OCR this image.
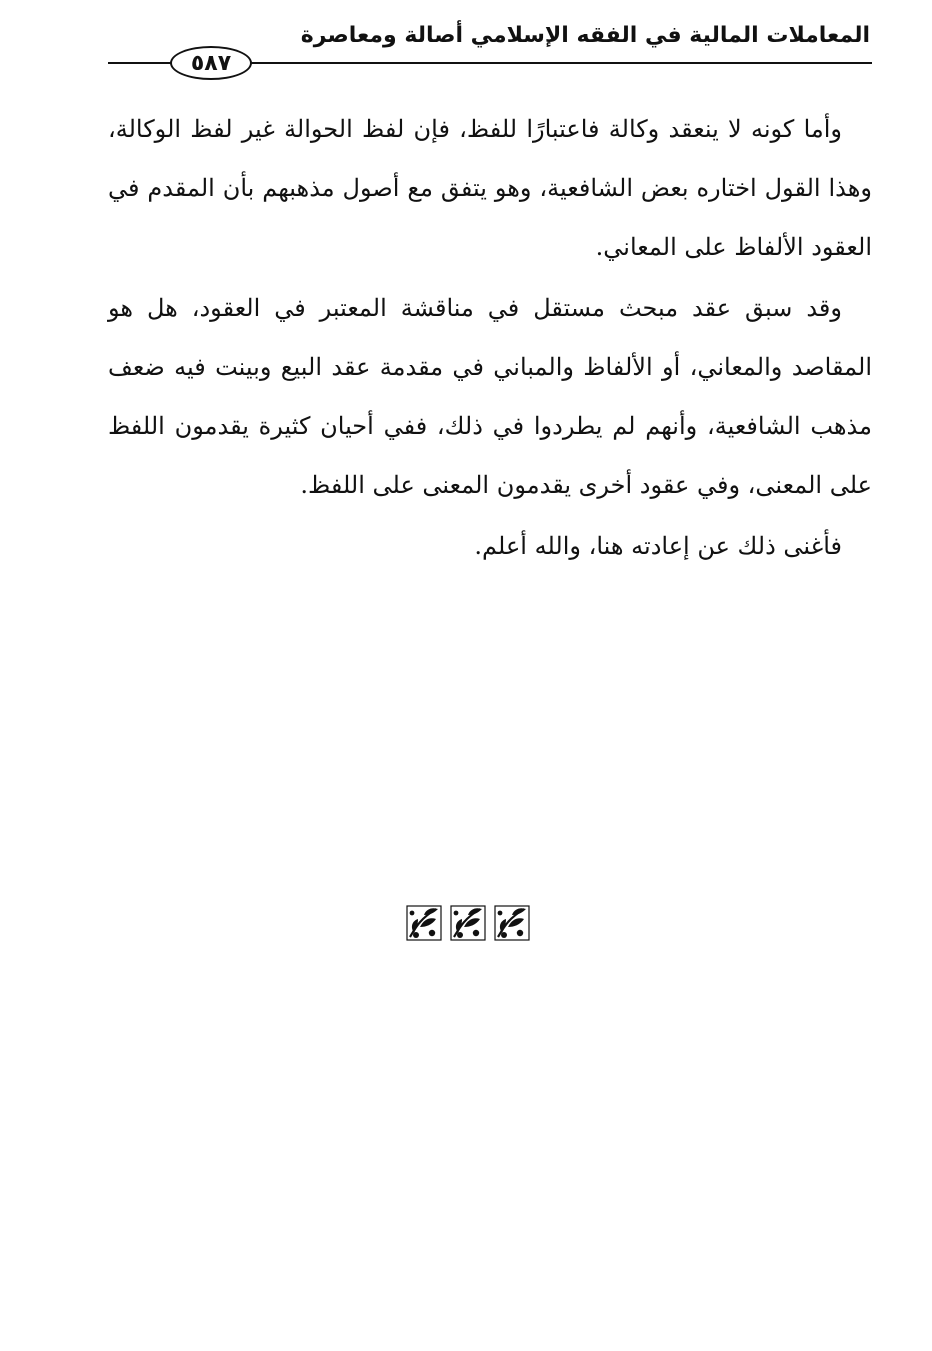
المعاملات المالية في الفقه الإسلامي أصالة ومعاصرة
٥٨٧

وأما كونه لا ينعقد وكالة فاعتبارًا للفظ، فإن لفظ الحوالة غير لفظ الوكالة، وهذا القول اختاره بعض الشافعية، وهو يتفق مع أصول مذهبهم بأن المقدم في العقود الألفاظ على المعاني.

وقد سبق عقد مبحث مستقل في مناقشة المعتبر في العقود، هل هو المقاصد والمعاني، أو الألفاظ والمباني في مقدمة عقد البيع وبينت فيه ضعف مذهب الشافعية، وأنهم لم يطردوا في ذلك، ففي أحيان كثيرة يقدمون اللفظ على المعنى، وفي عقود أخرى يقدمون المعنى على اللفظ.

فأغنى ذلك عن إعادته هنا، والله أعلم.
